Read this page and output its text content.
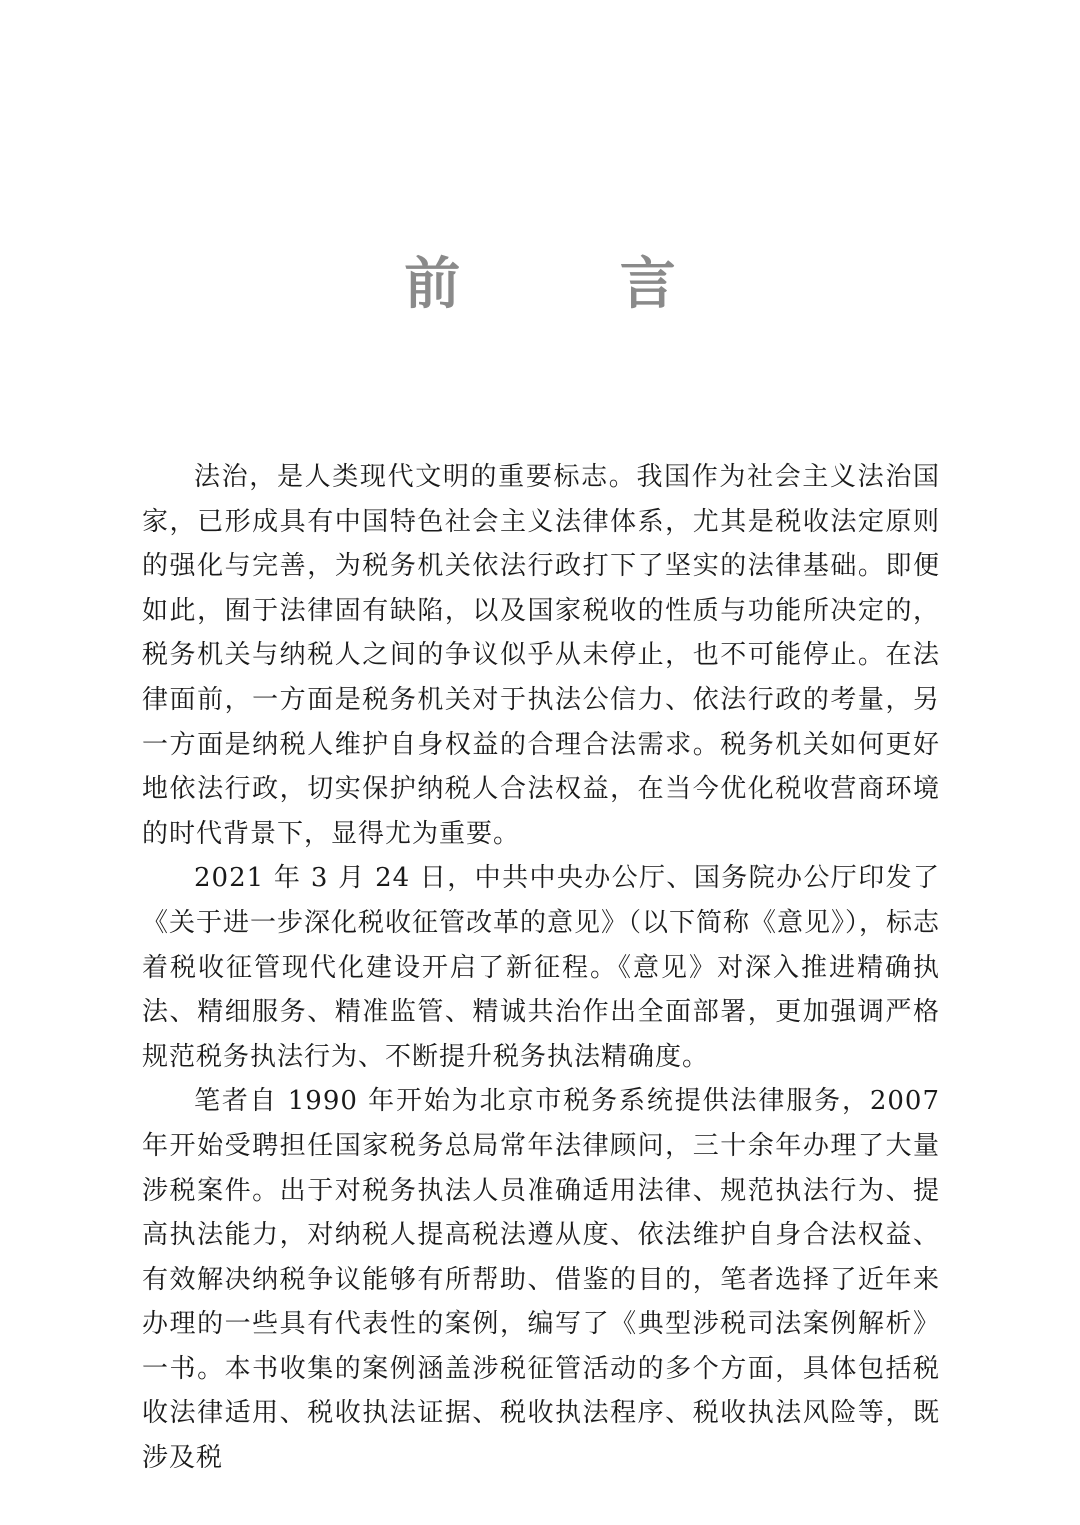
前 言

法治，是人类现代文明的重要标志。我国作为社会主义法治国家，已形成具有中国特色社会主义法律体系，尤其是税收法定原则的强化与完善，为税务机关依法行政打下了坚实的法律基础。即便如此，囿于法律固有缺陷，以及国家税收的性质与功能所决定的，税务机关与纳税人之间的争议似乎从未停止，也不可能停止。在法律面前，一方面是税务机关对于执法公信力、依法行政的考量，另一方面是纳税人维护自身权益的合理合法需求。税务机关如何更好地依法行政，切实保护纳税人合法权益，在当今优化税收营商环境的时代背景下，显得尤为重要。

2021 年 3 月 24 日，中共中央办公厅、国务院办公厅印发了《关于进一步深化税收征管改革的意见》（以下简称《意见》），标志着税收征管现代化建设开启了新征程。《意见》对深入推进精确执法、精细服务、精准监管、精诚共治作出全面部署，更加强调严格规范税务执法行为、不断提升税务执法精确度。

笔者自 1990 年开始为北京市税务系统提供法律服务，2007 年开始受聘担任国家税务总局常年法律顾问，三十余年办理了大量涉税案件。出于对税务执法人员准确适用法律、规范执法行为、提高执法能力，对纳税人提高税法遵从度、依法维护自身合法权益、有效解决纳税争议能够有所帮助、借鉴的目的，笔者选择了近年来办理的一些具有代表性的案例，编写了《典型涉税司法案例解析》一书。本书收集的案例涵盖涉税征管活动的多个方面，具体包括税收法律适用、税收执法证据、税收执法程序、税收执法风险等，既涉及税
